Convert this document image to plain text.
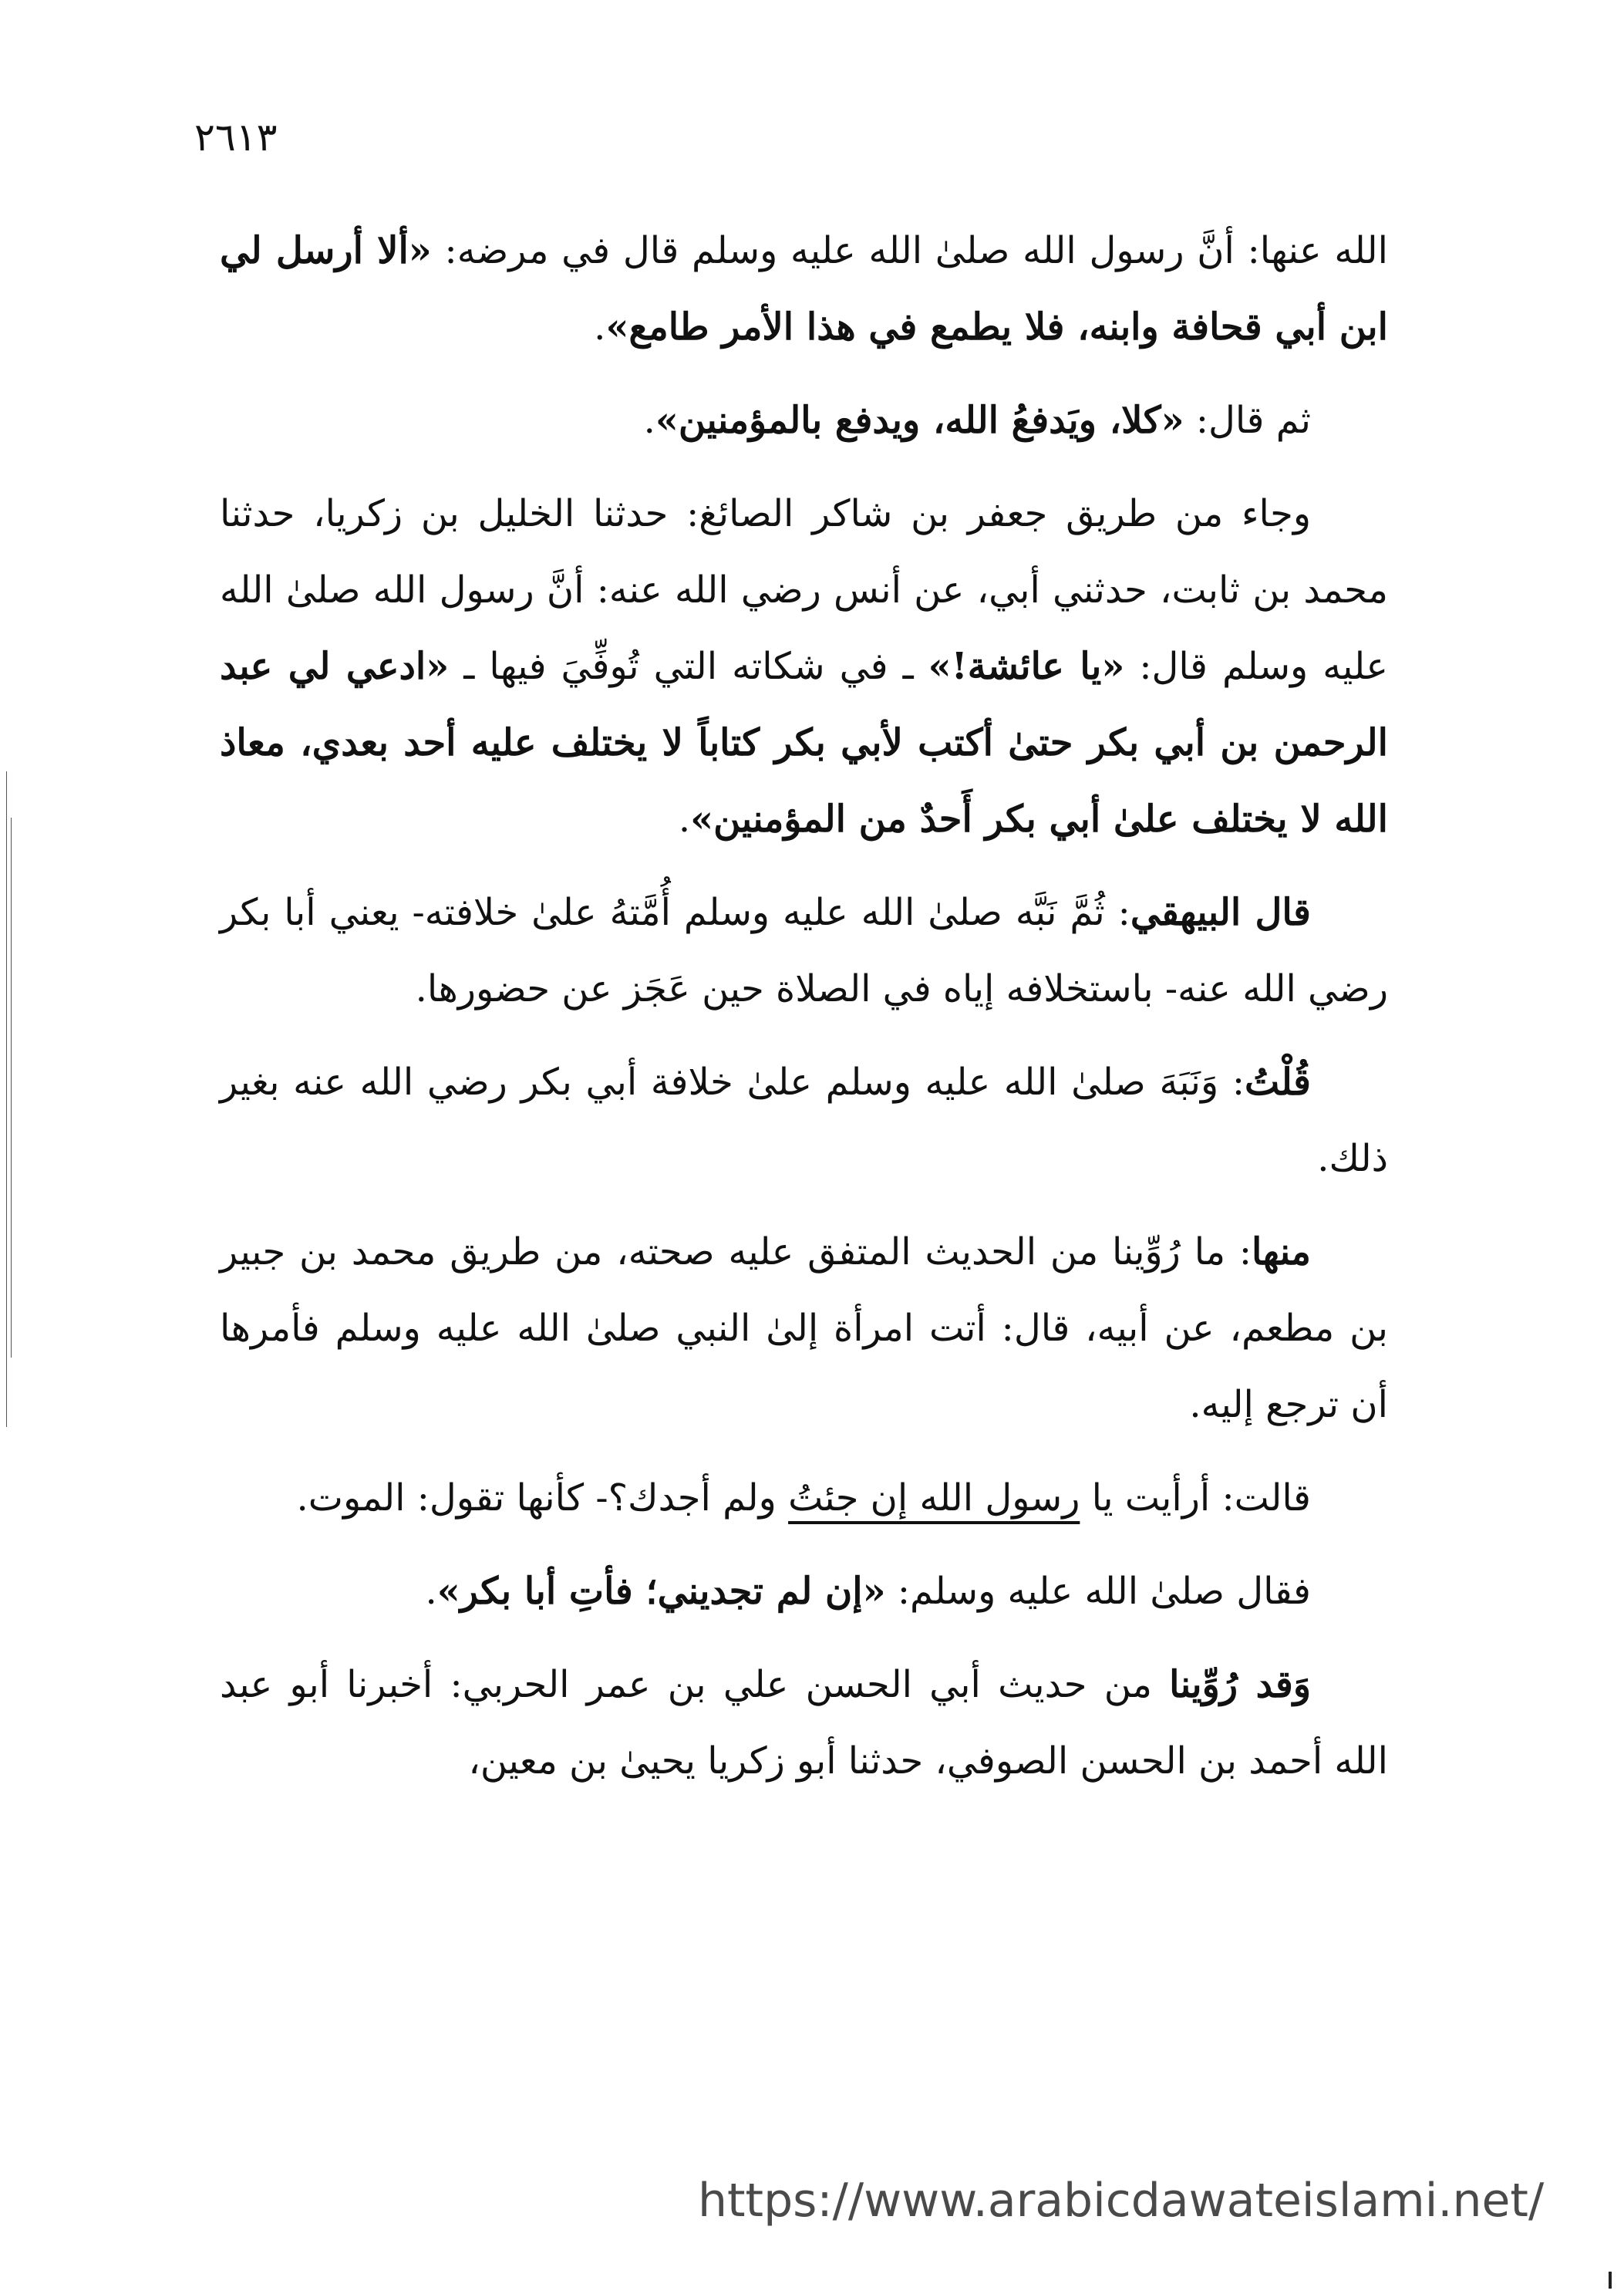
٢٦١٣

الله عنها: أنَّ رسول الله صلىٰ الله عليه وسلم قال في مرضه: «ألا أرسل لي ابن أبي قحافة وابنه، فلا يطمع في هذا الأمر طامع».

ثم قال: «كلا، ويَدفعُ الله، ويدفع بالمؤمنين».

وجاء من طريق جعفر بن شاكر الصائغ: حدثنا الخليل بن زكريا، حدثنا محمد بن ثابت، حدثني أبي، عن أنس رضي الله عنه: أنَّ رسول الله صلىٰ الله عليه وسلم قال: «يا عائشة!» ـ في شكاته التي تُوفِّيَ فيها ـ «ادعي لي عبد الرحمن بن أبي بكر حتىٰ أكتب لأبي بكر كتاباً لا يختلف عليه أحد بعدي، معاذ الله لا يختلف علىٰ أبي بكر أَحدٌ من المؤمنين».

قال البيهقي: ثُمَّ نَبَّه صلىٰ الله عليه وسلم أُمَّتهُ علىٰ خلافته- يعني أبا بكر رضي الله عنه- باستخلافه إياه في الصلاة حين عَجَز عن حضورها.

قُلْتُ: وَنَبَهَ صلىٰ الله عليه وسلم علىٰ خلافة أبي بكر رضي الله عنه بغير ذلك.

منها: ما رُوِّينا من الحديث المتفق عليه صحته، من طريق محمد بن جبير بن مطعم، عن أبيه، قال: أتت امرأة إلىٰ النبي صلىٰ الله عليه وسلم فأمرها أن ترجع إليه.

قالت: أرأيت يا رسول الله إن جئتُ ولم أجدك؟- كأنها تقول: الموت.

فقال صلىٰ الله عليه وسلم: «إن لم تجديني؛ فأتِ أبا بكر».

وَقد رُوِّينا من حديث أبي الحسن علي بن عمر الحربي: أخبرنا أبو عبد الله أحمد بن الحسن الصوفي، حدثنا أبو زكريا يحيىٰ بن معين،

https://www.arabicdawateislami.net/
